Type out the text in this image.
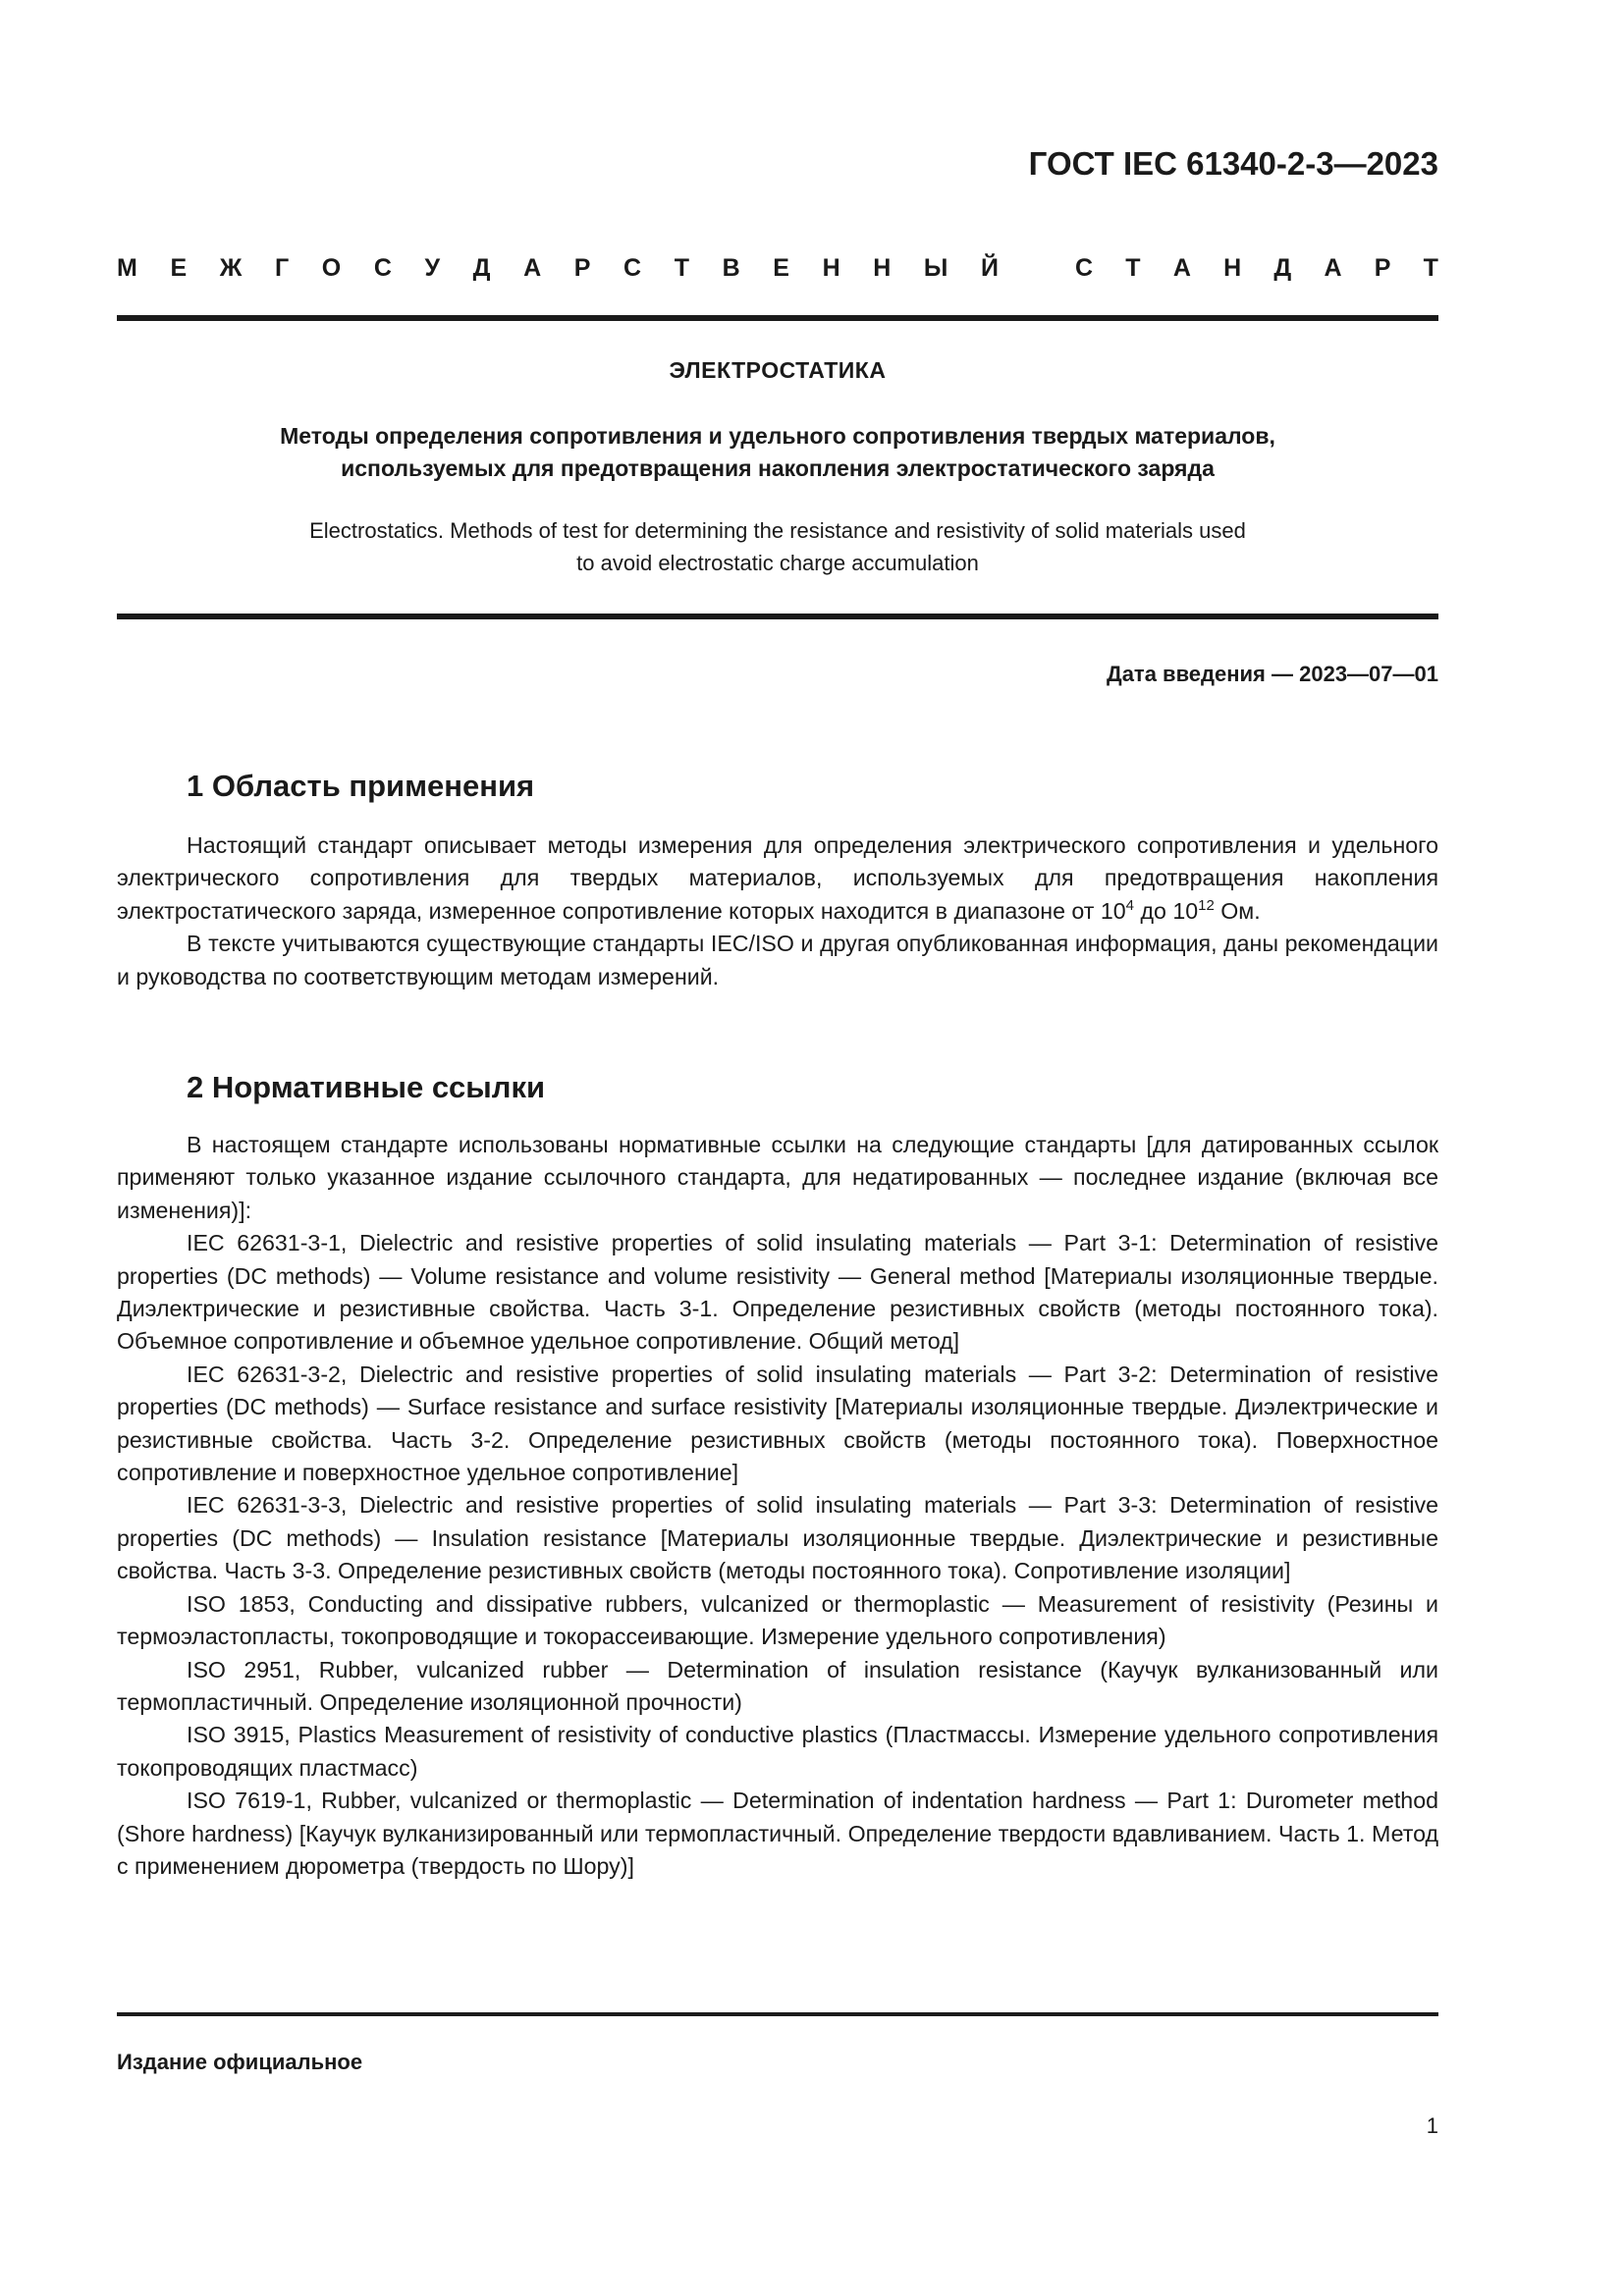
ГОСТ IEC 61340-2-3—2023
М Е Ж Г О С У Д А Р С Т В Е Н Н Ы Й	С Т А Н Д А Р Т
ЭЛЕКТРОСТАТИКА
Методы определения сопротивления и удельного сопротивления твердых материалов,
используемых для предотвращения накопления электростатического заряда
Electrostatics. Methods of test for determining the resistance and resistivity of solid materials used
to avoid electrostatic charge accumulation
Дата введения — 2023—07—01
1 Область применения

Настоящий стандарт описывает методы измерения для определения электрического сопротивления и удельного электрического сопротивления для твердых материалов, используемых для предотвращения накопления электростатического заряда, измеренное сопротивление которых находится в диапазоне от $10^4$ до $10^{12}$ Ом.

В тексте учитываются существующие стандарты IEC/ISO и другая опубликованная информация, даны рекомендации и руководства по соответствующим методам измерений.

2 Нормативные ссылки

В настоящем стандарте использованы нормативные ссылки на следующие стандарты [для датированных ссылок применяют только указанное издание ссылочного стандарта, для недатированных — последнее издание (включая все изменения)]:

IEC 62631-3-1, Dielectric and resistive properties of solid insulating materials — Part 3-1: Determination of resistive properties (DC methods) — Volume resistance and volume resistivity — General method [Материалы изоляционные твердые. Диэлектрические и резистивные свойства. Часть 3-1. Определение резистивных свойств (методы постоянного тока). Объемное сопротивление и объемное удельное сопротивление. Общий метод]

IEC 62631-3-2, Dielectric and resistive properties of solid insulating materials — Part 3-2: Determination of resistive properties (DC methods) — Surface resistance and surface resistivity [Материалы изоляционные твердые. Диэлектрические и резистивные свойства. Часть 3-2. Определение резистивных свойств (методы постоянного тока). Поверхностное сопротивление и поверхностное удельное сопротивление]

IEC 62631-3-3, Dielectric and resistive properties of solid insulating materials — Part 3-3: Determination of resistive properties (DC methods) — Insulation resistance [Материалы изоляционные твердые. Диэлектрические и резистивные свойства. Часть 3-3. Определение резистивных свойств (методы постоянного тока). Сопротивление изоляции]

ISO 1853, Conducting and dissipative rubbers, vulcanized or thermoplastic — Measurement of resistivity (Резины и термоэластопласты, токопроводящие и токорассеивающие. Измерение удельного сопротивления)

ISO 2951, Rubber, vulcanized rubber — Determination of insulation resistance (Каучук вулканизованный или термопластичный. Определение изоляционной прочности)

ISO 3915, Plastics Measurement of resistivity of conductive plastics (Пластмассы. Измерение удельного сопротивления токопроводящих пластмасс)

ISO 7619-1, Rubber, vulcanized or thermoplastic — Determination of indentation hardness — Part 1: Durometer method (Shore hardness) [Каучук вулканизированный или термопластичный. Определение твердости вдавливанием. Часть 1. Метод с применением дюрометра (твердость по Шору)]

Издание официальное
1
